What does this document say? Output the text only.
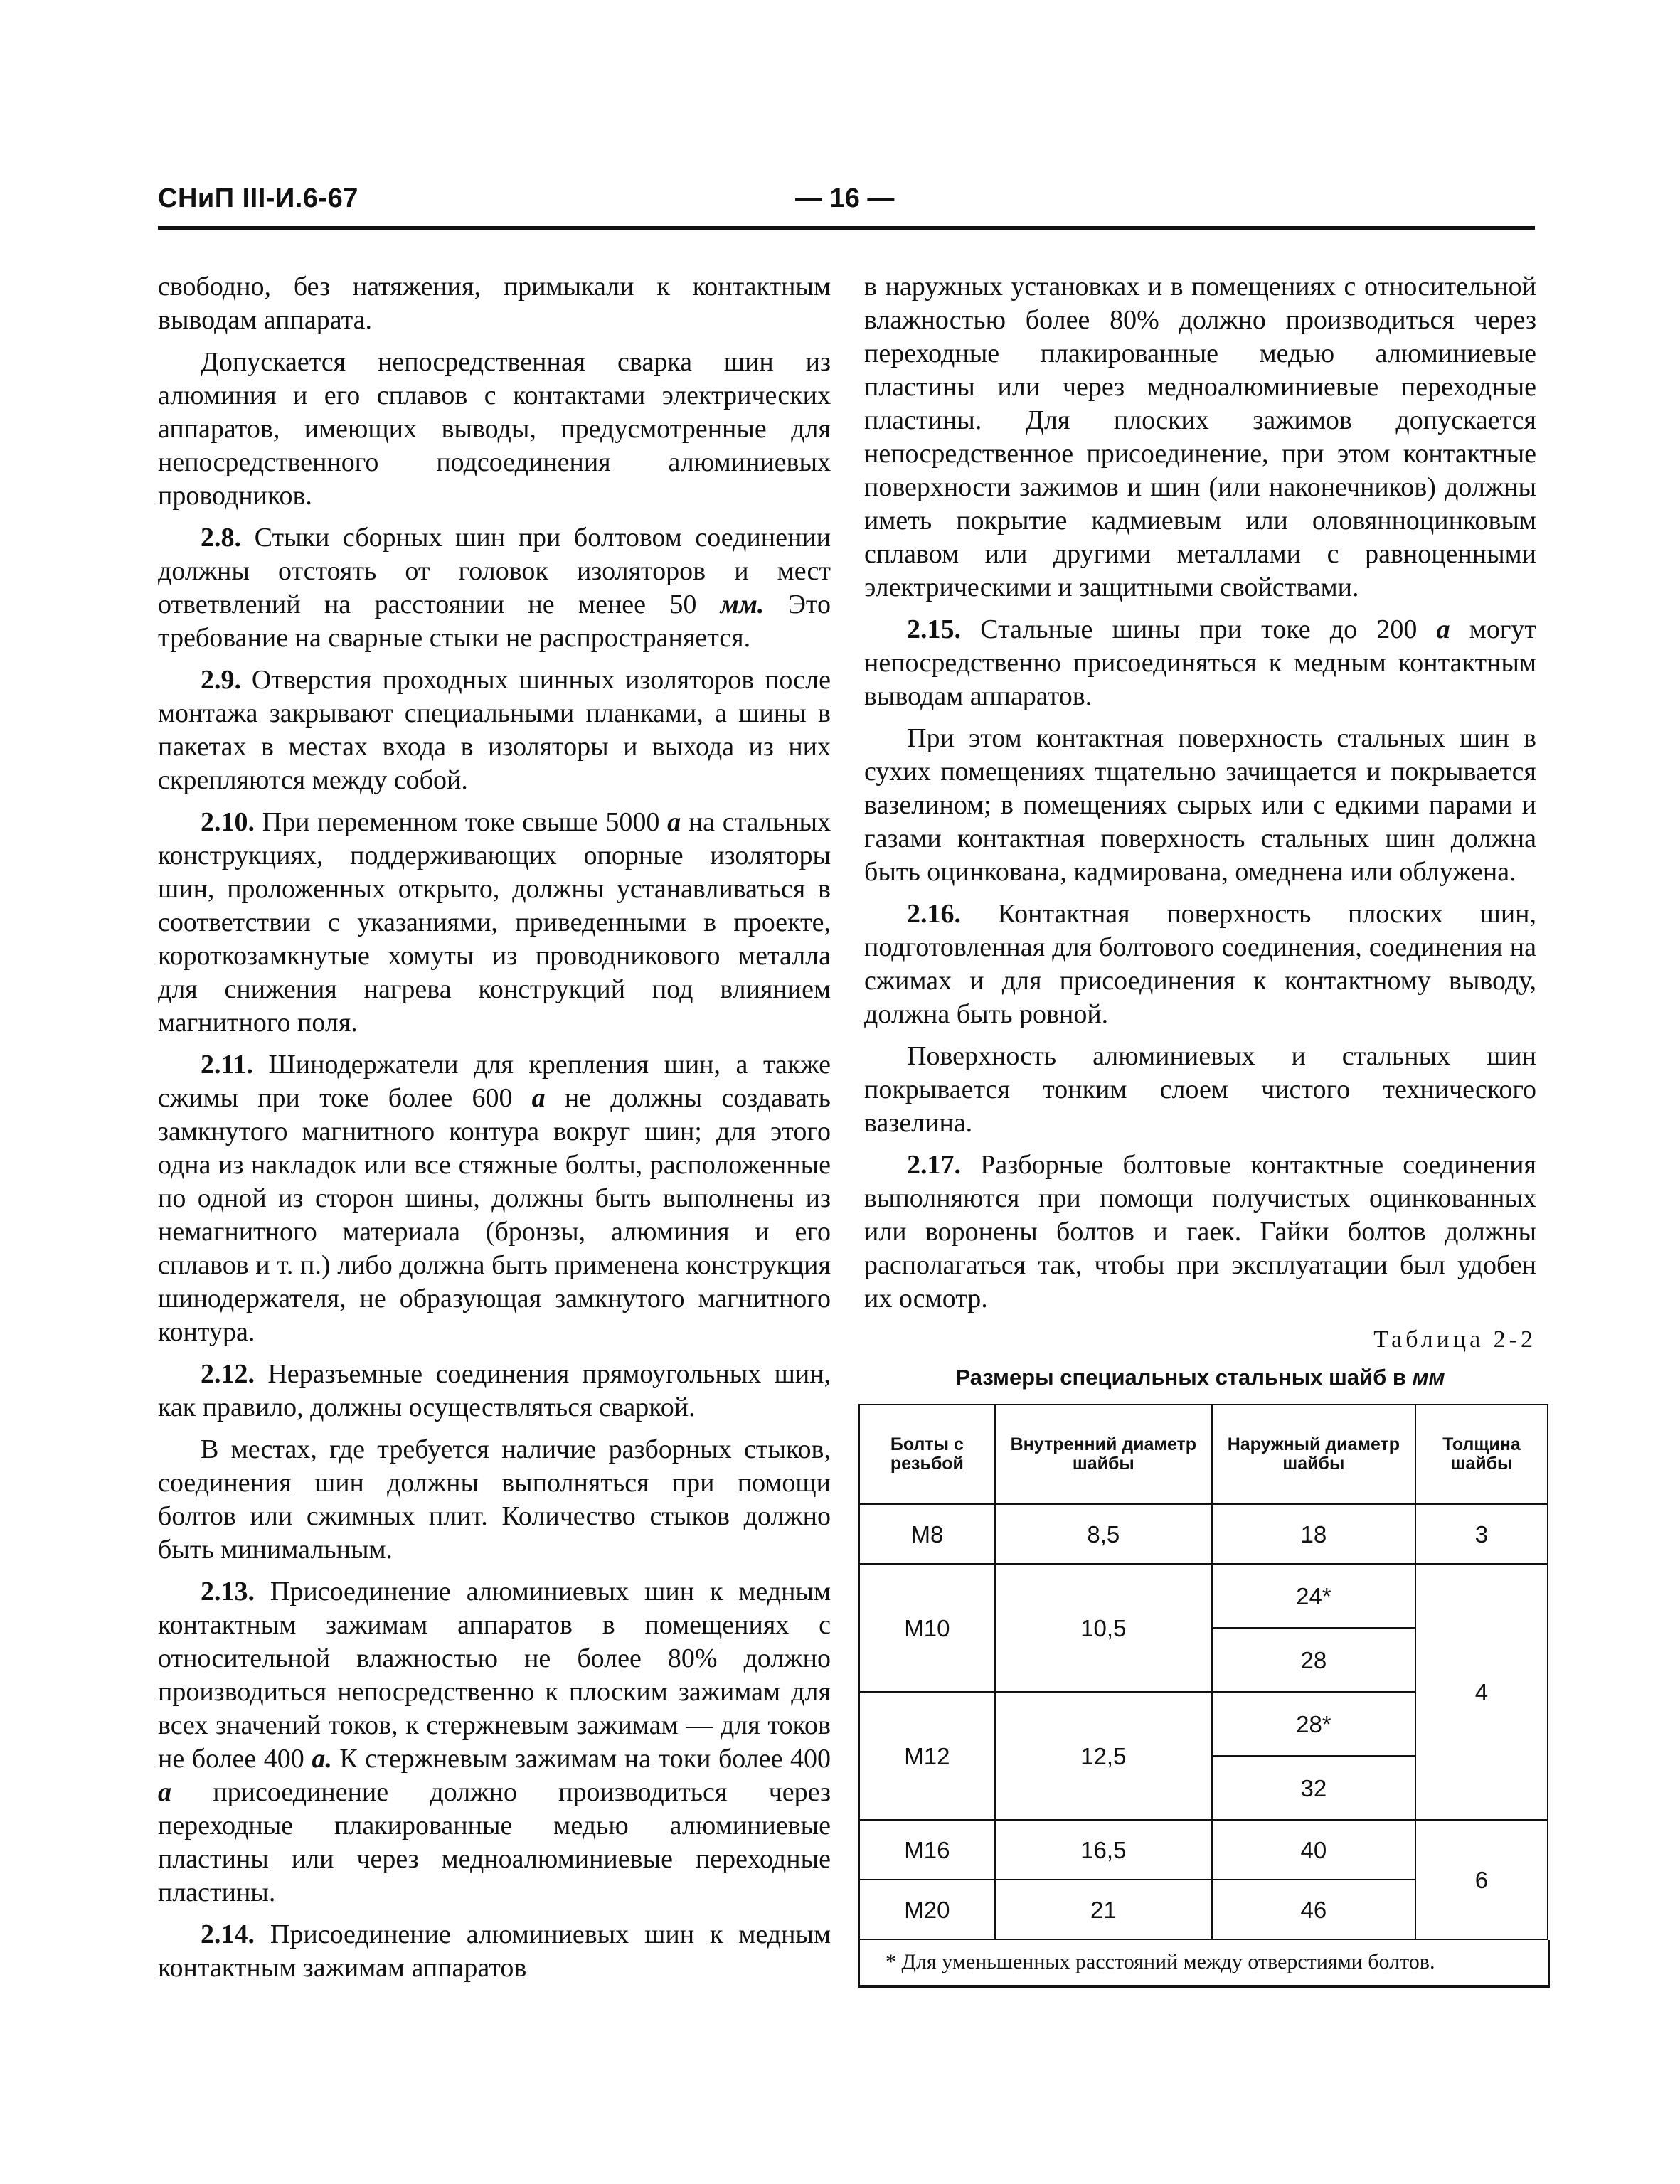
СНиП III-И.6-67	— 16 —

свободно, без натяжения, примыкали к контактным выводам аппарата.

Допускается непосредственная сварка шин из алюминия и его сплавов с контактами электрических аппаратов, имеющих выводы, предусмотренные для непосредственного подсоединения алюминиевых проводников.

2.8. Стыки сборных шин при болтовом соединении должны отстоять от головок изоляторов и мест ответвлений на расстоянии не менее 50 мм. Это требование на сварные стыки не распространяется.

2.9. Отверстия проходных шинных изоляторов после монтажа закрывают специальными планками, а шины в пакетах в местах входа в изоляторы и выхода из них скрепляются между собой.

2.10. При переменном токе свыше 5000 а на стальных конструкциях, поддерживающих опорные изоляторы шин, проложенных открыто, должны устанавливаться в соответствии с указаниями, приведенными в проекте, короткозамкнутые хомуты из проводникового металла для снижения нагрева конструкций под влиянием магнитного поля.

2.11. Шинодержатели для крепления шин, а также сжимы при токе более 600 а не должны создавать замкнутого магнитного контура вокруг шин; для этого одна из накладок или все стяжные болты, расположенные по одной из сторон шины, должны быть выполнены из немагнитного материала (бронзы, алюминия и его сплавов и т. п.) либо должна быть применена конструкция шинодержателя, не образующая замкнутого магнитного контура.

2.12. Неразъемные соединения прямоугольных шин, как правило, должны осуществляться сваркой.

В местах, где требуется наличие разборных стыков, соединения шин должны выполняться при помощи болтов или сжимных плит. Количество стыков должно быть минимальным.

2.13. Присоединение алюминиевых шин к медным контактным зажимам аппаратов в помещениях с относительной влажностью не более 80% должно производиться непосредственно к плоским зажимам для всех значений токов, к стержневым зажимам — для токов не более 400 а. К стержневым зажимам на токи более 400 а присоединение должно производиться через переходные плакированные медью алюминиевые пластины или через медноалюминиевые переходные пластины.

2.14. Присоединение алюминиевых шин к медным контактным зажимам аппаратов

в наружных установках и в помещениях с относительной влажностью более 80% должно производиться через переходные плакированные медью алюминиевые пластины или через медноалюминиевые переходные пластины. Для плоских зажимов допускается непосредственное присоединение, при этом контактные поверхности зажимов и шин (или наконечников) должны иметь покрытие кадмиевым или оловянноцинковым сплавом или другими металлами с равноценными электрическими и защитными свойствами.

2.15. Стальные шины при токе до 200 а могут непосредственно присоединяться к медным контактным выводам аппаратов.

При этом контактная поверхность стальных шин в сухих помещениях тщательно зачищается и покрывается вазелином; в помещениях сырых или с едкими парами и газами контактная поверхность стальных шин должна быть оцинкована, кадмирована, омеднена или облужена.

2.16. Контактная поверхность плоских шин, подготовленная для болтового соединения, соединения на сжимах и для присоединения к контактному выводу, должна быть ровной.

Поверхность алюминиевых и стальных шин покрывается тонким слоем чистого технического вазелина.

2.17. Разборные болтовые контактные соединения выполняются при помощи получистых оцинкованных или воронены болтов и гаек. Гайки болтов должны располагаться так, чтобы при эксплуатации был удобен их осмотр.

Таблица 2-2
Размеры специальных стальных шайб в мм
Болты с резьбой	Внутренний диаметр шайбы	Наружный диаметр шайбы	Толщина шайбы
М8	8,5	18	3
М10	10,5	24*	4
		28	
М12	12,5	28*	
		32	
М16	16,5	40	6
М20	21	46	
* Для уменьшенных расстояний между отверстиями болтов.
